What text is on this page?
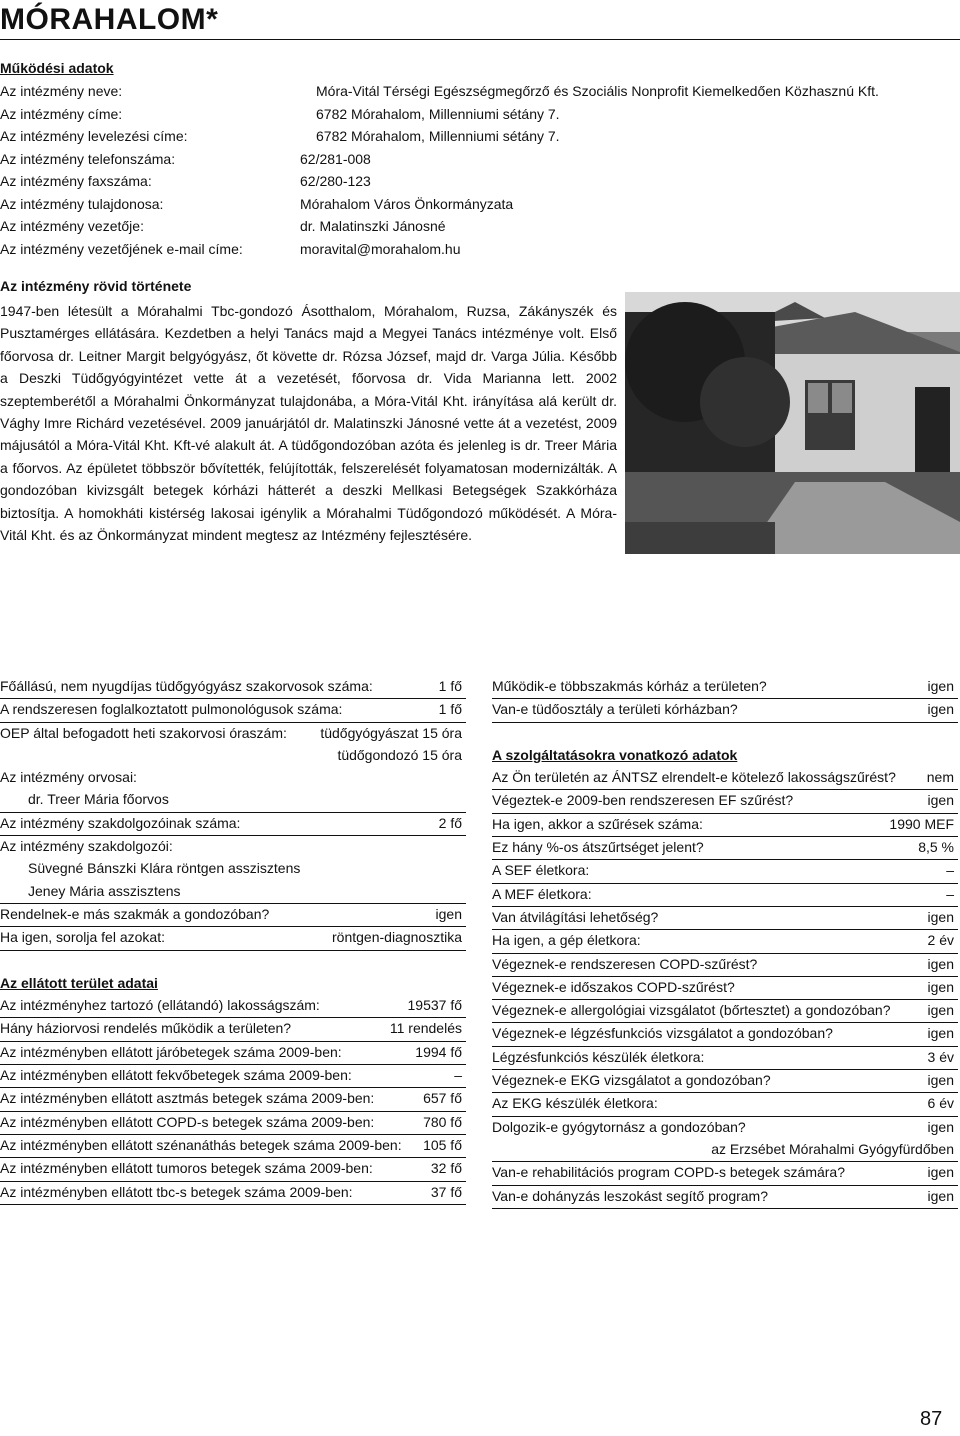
MÓRAHALOM*
Működési adatok
Az intézmény neve:	Móra-Vitál Térségi Egészségmegőrző és Szociális Nonprofit Kiemelkedően Közhasznú Kft.
Az intézmény címe:	6782 Mórahalom, Millenniumi sétány 7.
Az intézmény levelezési címe:	6782 Mórahalom, Millenniumi sétány 7.
Az intézmény telefonszáma:	62/281-008
Az intézmény faxszáma:	62/280-123
Az intézmény tulajdonosa:	Mórahalom Város Önkormányzata
Az intézmény vezetője:	dr. Malatinszki Jánosné
Az intézmény vezetőjének e-mail címe:	moravital@morahalom.hu
Az intézmény rövid története
1947-ben létesült a Mórahalmi Tbc-gondozó Ásotthalom, Mórahalom, Ruzsa, Zákányszék és Pusztamérges ellátására. Kezdetben a helyi Tanács majd a Megyei Tanács intézménye volt. Első főorvosa dr. Leitner Margit belgyógyász, őt követte dr. Rózsa József, majd dr. Varga Júlia. Később a Deszki Tüdőgyógyintézet vette át a vezetését, főorvosa dr. Vida Marianna lett. 2002 szeptemberétől a Mórahalmi Önkormányzat tulajdonába, a Móra-Vitál Kht. irányítása alá került dr. Vághy Imre Richárd vezetésével. 2009 januárjától dr. Malatinszki Jánosné vette át a vezetést, 2009 májusától a Móra-Vitál Kht. Kft-vé alakult át. A tüdőgondozóban azóta és jelenleg is dr. Treer Mária a főorvos. Az épületet többször bővítették, felújították, felszerelését folyamatosan modernizálták. A gondozóban kivizsgált betegek kórházi hátterét a deszki Mellkasi Betegségek Szakkórháza biztosítja. A homokháti kistérség lakosai igénylik a Mórahalmi Tüdőgondozó működését. A Móra-Vitál Kht. és az Önkormányzat mindent megtesz az Intézmény fejlesztésére.
Főállású, nem nyugdíjas tüdőgyógyász szakorvosok száma:	1 fő
A rendszeresen foglalkoztatott pulmonológusok száma:	1 fő
OEP által befogadott heti szakorvosi óraszám: tüdőgyógyászat 15 óra
tüdőgondozó 15 óra
Az intézmény orvosai:
dr. Treer Mária főorvos
Az intézmény szakdolgozóinak száma:	2 fő
Az intézmény szakdolgozói:
Süvegné Bánszki Klára röntgen asszisztens
Jeney Mária asszisztens
Rendelnek-e más szakmák a gondozóban?	igen
Ha igen, sorolja fel azokat:	röntgen-diagnosztika
Az ellátott terület adatai
Az intézményhez tartozó (ellátandó) lakosságszám:	19537 fő
Hány háziorvosi rendelés működik a területen?	11 rendelés
Az intézményben ellátott járóbetegek száma 2009-ben:	1994 fő
Az intézményben ellátott fekvőbetegek száma 2009-ben:	–
Az intézményben ellátott asztmás betegek száma 2009-ben:	657 fő
Az intézményben ellátott COPD-s betegek száma 2009-ben:	780 fő
Az intézményben ellátott szénanáthás betegek száma 2009-ben: 105 fő
Az intézményben ellátott tumoros betegek száma 2009-ben:	32 fő
Az intézményben ellátott tbc-s betegek száma 2009-ben:	37 fő
Működik-e többszakmás kórház a területen?	igen
Van-e tüdőosztály a területi kórházban?	igen
A szolgáltatásokra vonatkozó adatok
Az Ön területén az ÁNTSZ elrendelt-e kötelező lakosságszűrést? nem
Végeztek-e 2009-ben rendszeresen EF szűrést?	igen
Ha igen, akkor a szűrések száma:	1990 MEF
Ez hány %-os átszűrtséget jelent?	8,5 %
A SEF életkora:	–
A MEF életkora:	–
Van átvilágítási lehetőség?	igen
Ha igen, a gép életkora:	2 év
Végeznek-e rendszeresen COPD-szűrést?	igen
Végeznek-e időszakos COPD-szűrést?	igen
Végeznek-e allergológiai vizsgálatot (bőrtesztet) a gondozóban?	igen
Végeznek-e légzésfunkciós vizsgálatot a gondozóban?	igen
Légzésfunkciós készülék életkora:	3 év
Végeznek-e EKG vizsgálatot a gondozóban?	igen
Az EKG készülék életkora:	6 év
Dolgozik-e gyógytornász a gondozóban?	igen
az Erzsébet Mórahalmi Gyógyfürdőben
Van-e rehabilitációs program COPD-s betegek számára?	igen
Van-e dohányzás leszokást segítő program?	igen
87
